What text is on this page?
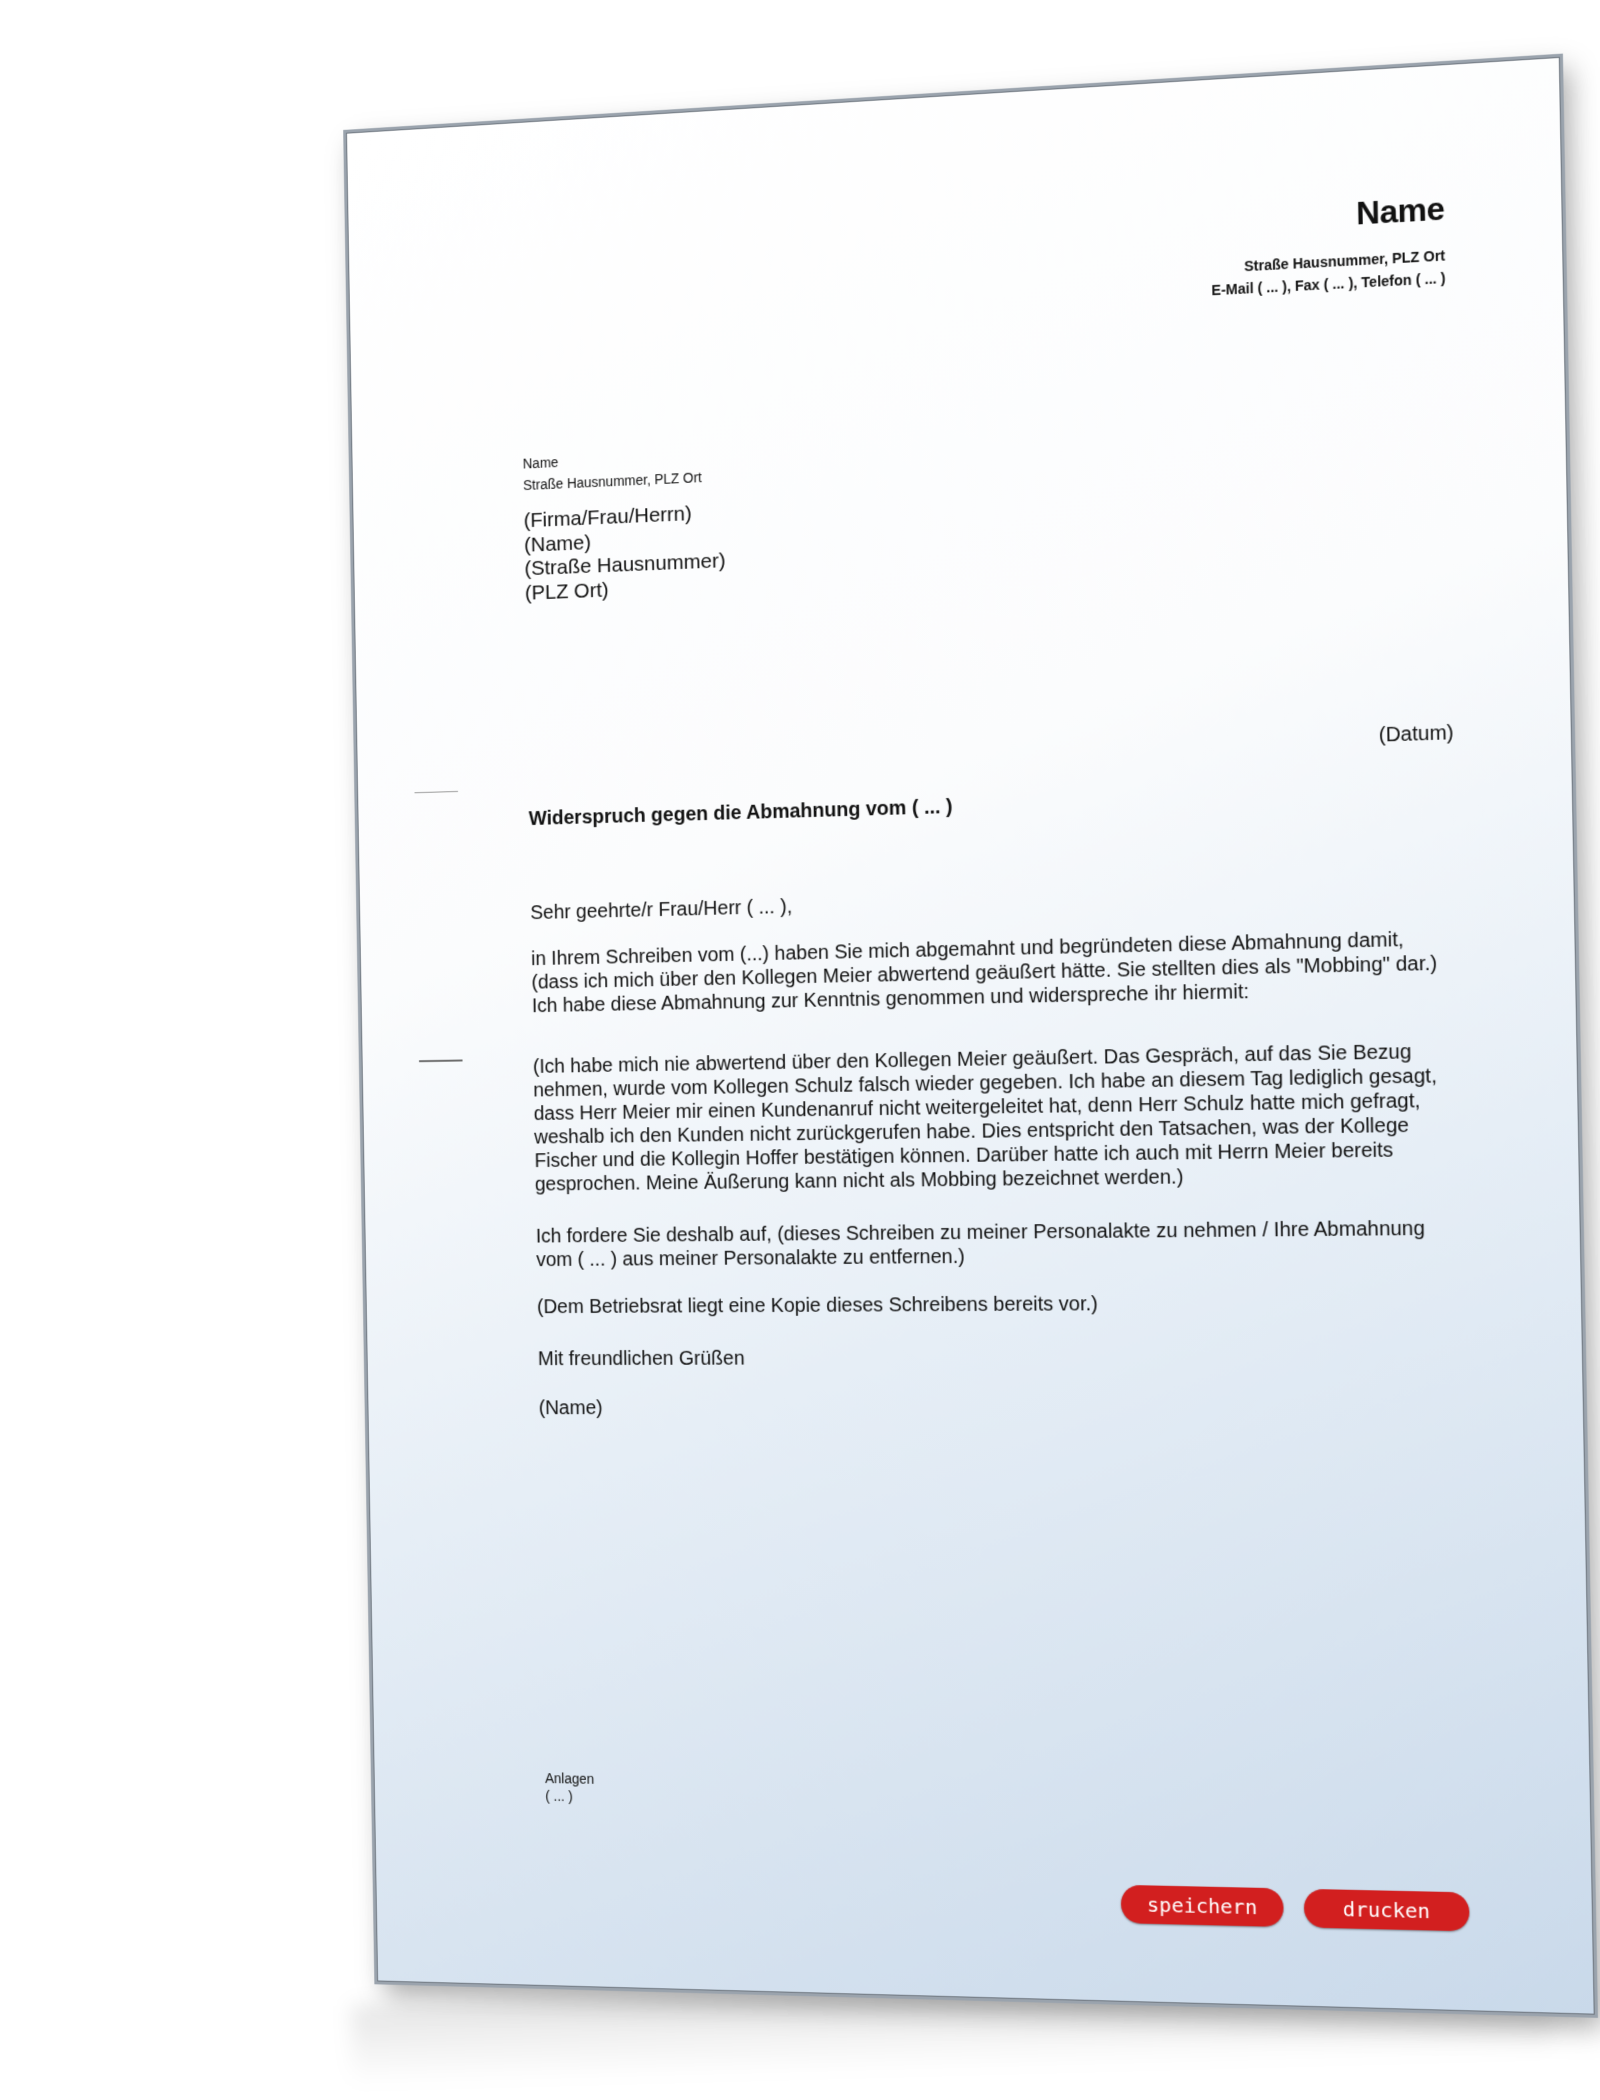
Name
Straße Hausnummer, PLZ Ort
E-Mail ( ... ), Fax ( ... ), Telefon ( ... )
Name
Straße Hausnummer, PLZ Ort
(Firma/Frau/Herrn)
(Name)
(Straße Hausnummer)
(PLZ Ort)
(Datum)
Widerspruch gegen die Abmahnung vom ( ... )
Sehr geehrte/r Frau/Herr ( ... ),
in Ihrem Schreiben vom (...) haben Sie mich abgemahnt und begründeten diese Abmahnung damit, (dass ich mich über den Kollegen Meier abwertend geäußert hätte. Sie stellten dies als "Mobbing" dar.) Ich habe diese Abmahnung zur Kenntnis genommen und widerspreche ihr hiermit:
(Ich habe mich nie abwertend über den Kollegen Meier geäußert. Das Gespräch, auf das Sie Bezug nehmen, wurde vom Kollegen Schulz falsch wieder gegeben. Ich habe an diesem Tag lediglich gesagt, dass Herr Meier mir einen Kundenanruf nicht weitergeleitet hat, denn Herr Schulz hatte mich gefragt, weshalb ich den Kunden nicht zurückgerufen habe. Dies entspricht den Tatsachen, was der Kollege Fischer und die Kollegin Hoffer bestätigen können. Darüber hatte ich auch mit Herrn Meier bereits gesprochen. Meine Äußerung kann nicht als Mobbing bezeichnet werden.)
Ich fordere Sie deshalb auf, (dieses Schreiben zu meiner Personalakte zu nehmen / Ihre Abmahnung vom ( ... ) aus meiner Personalakte zu entfernen.)
(Dem Betriebsrat liegt eine Kopie dieses Schreibens bereits vor.)
Mit freundlichen Grüßen
(Name)
Anlagen
( ... )
speichern	drucken
